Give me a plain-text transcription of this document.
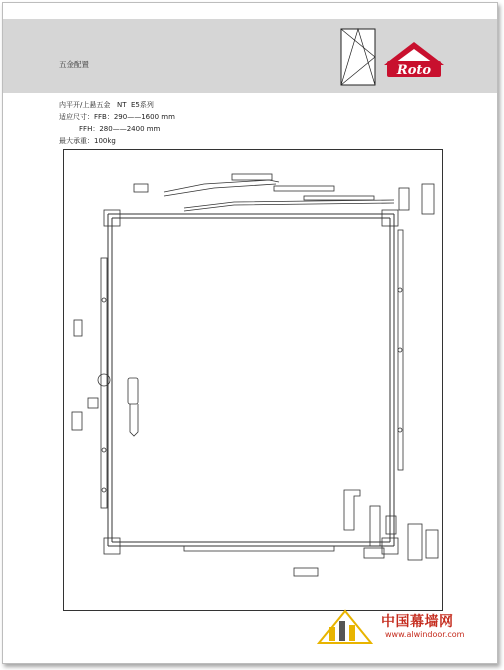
五金配置	Roto
内平开/上悬五金   NT  E5系列
适应尺寸：FFB：290——1600 mm
FFH：280——2400 mm
最大承重：100kg
中国幕墙网
www.alwindoor.com
